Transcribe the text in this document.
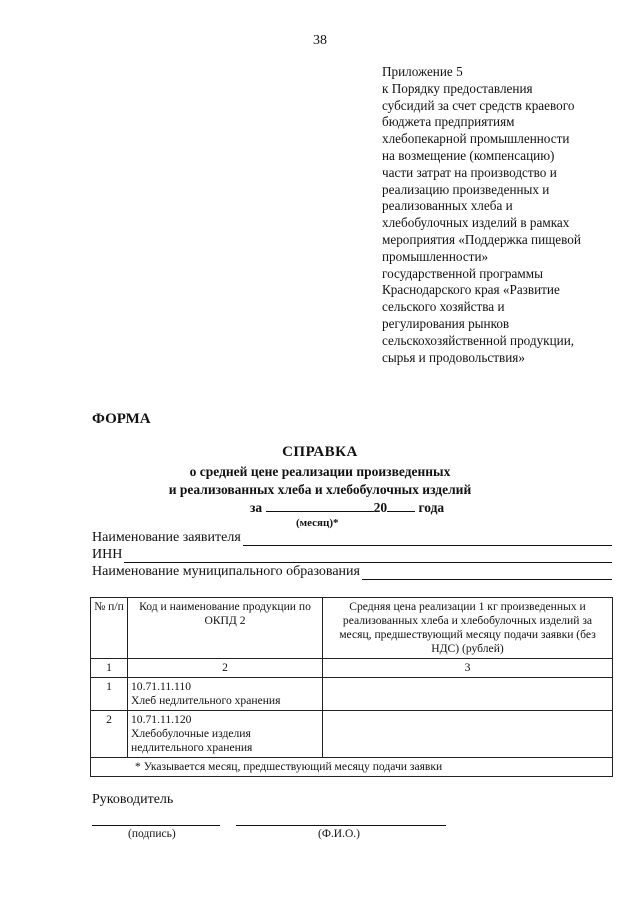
38
Приложение 5
к Порядку предоставления
субсидий за счет средств краевого
бюджета предприятиям
хлебопекарной промышленности
на возмещение (компенсацию)
части затрат на производство и
реализацию произведенных и
реализованных хлеба и
хлебобулочных изделий в рамках
мероприятия «Поддержка пищевой
промышленности»
государственной программы
Краснодарского края «Развитие
сельского хозяйства и
регулирования рынков
сельскохозяйственной продукции,
сырья и продовольствия»
ФОРМА
СПРАВКА
о средней цене реализации произведенных
и реализованных хлеба и хлебобулочных изделий
за	20 года
(месяц)*
Наименование заявителя
ИНН
Наименование муниципального образования
№ п/п	Код и наименование продукции по ОКПД 2	Средняя цена реализации 1 кг произведенных и реализованных хлеба и хлебобулочных изделий за месяц, предшествующий месяцу подачи заявки (без НДС) (рублей)
1	2	3
1	10.71.11.110
Хлеб недлительного хранения	

2	10.71.11.120
Хлебобулочные изделия недлительного хранения	

* Указывается месяц, предшествующий месяцу подачи заявки		
Руководитель
(подпись)	(Ф.И.О.)
